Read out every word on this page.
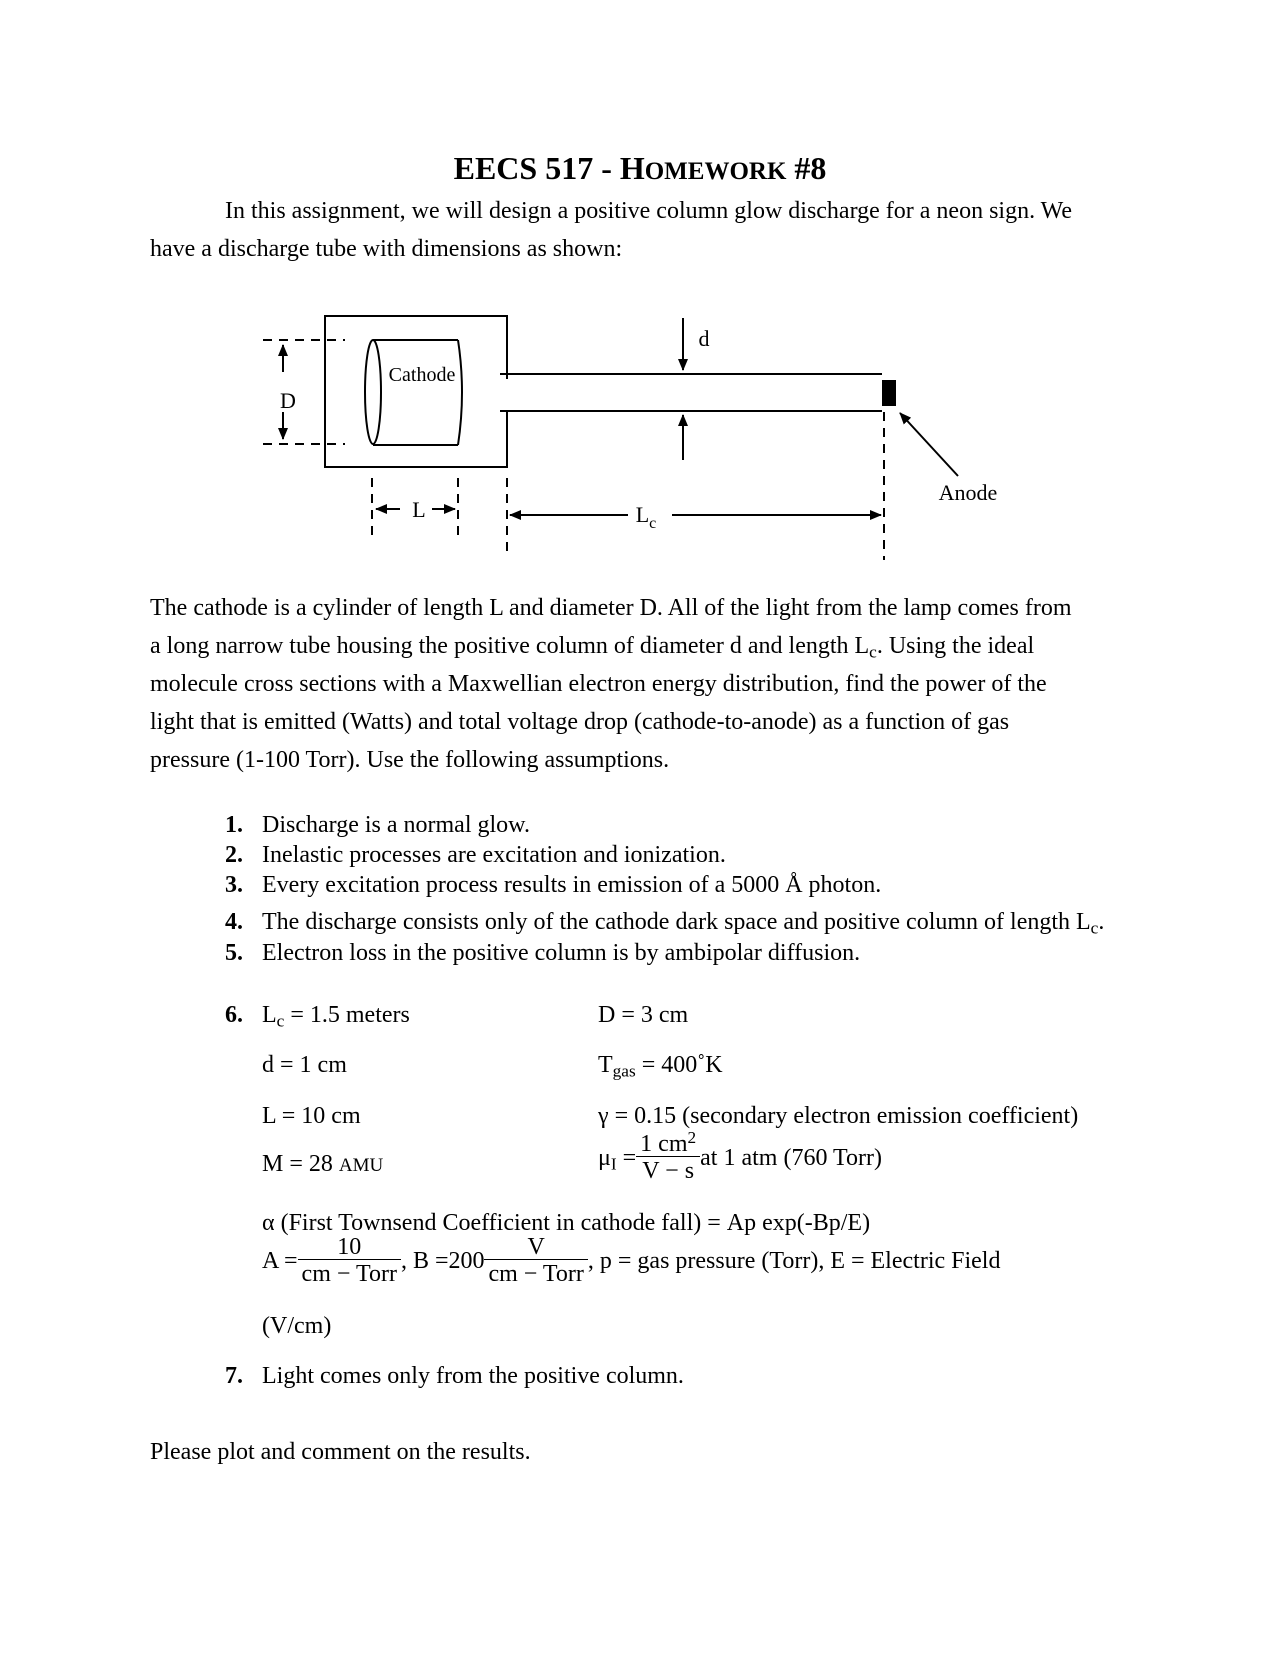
EECS 517 - HOMEWORK #8
In this assignment, we will design a positive column glow discharge for a neon sign. We
have a discharge tube with dimensions as shown:
D
d
Cathode
L	$L_c$
Anode
The cathode is a cylinder of length L and diameter D. All of the light from the lamp comes from
a long narrow tube housing the positive column of diameter d and length $L_c$. Using the ideal
molecule cross sections with a Maxwellian electron energy distribution, find the power of the
light that is emitted (Watts) and total voltage drop (cathode-to-anode) as a function of gas
pressure (1-100 Torr). Use the following assumptions.
1. Discharge is a normal glow.
2. Inelastic processes are excitation and ionization.
3. Every excitation process results in emission of a 5000 Å photon.
4. The discharge consists only of the cathode dark space and positive column of length $L_c$.
5. Electron loss in the positive column is by ambipolar diffusion.
6. $L_c = 1.5$ meters	D = 3 cm
d = 1 cm	$T_{gas}$ = 400˚K
L = 10 cm	γ = 0.15 (secondary electron emission coefficient)
M = 28 AMU	$\mu_I = \frac{1 cm^2}{V - s}$ at 1 atm (760 Torr)
α (First Townsend Coefficient in cathode fall) = Ap exp(-Bp/E)
$A = \frac{10}{\text{cm − Torr}}$ , $B =200 \frac{V}{\text{cm − Torr}}$ , p = gas pressure (Torr), E = Electric Field
(V/cm)
7. Light comes only from the positive column.
Please plot and comment on the results.
